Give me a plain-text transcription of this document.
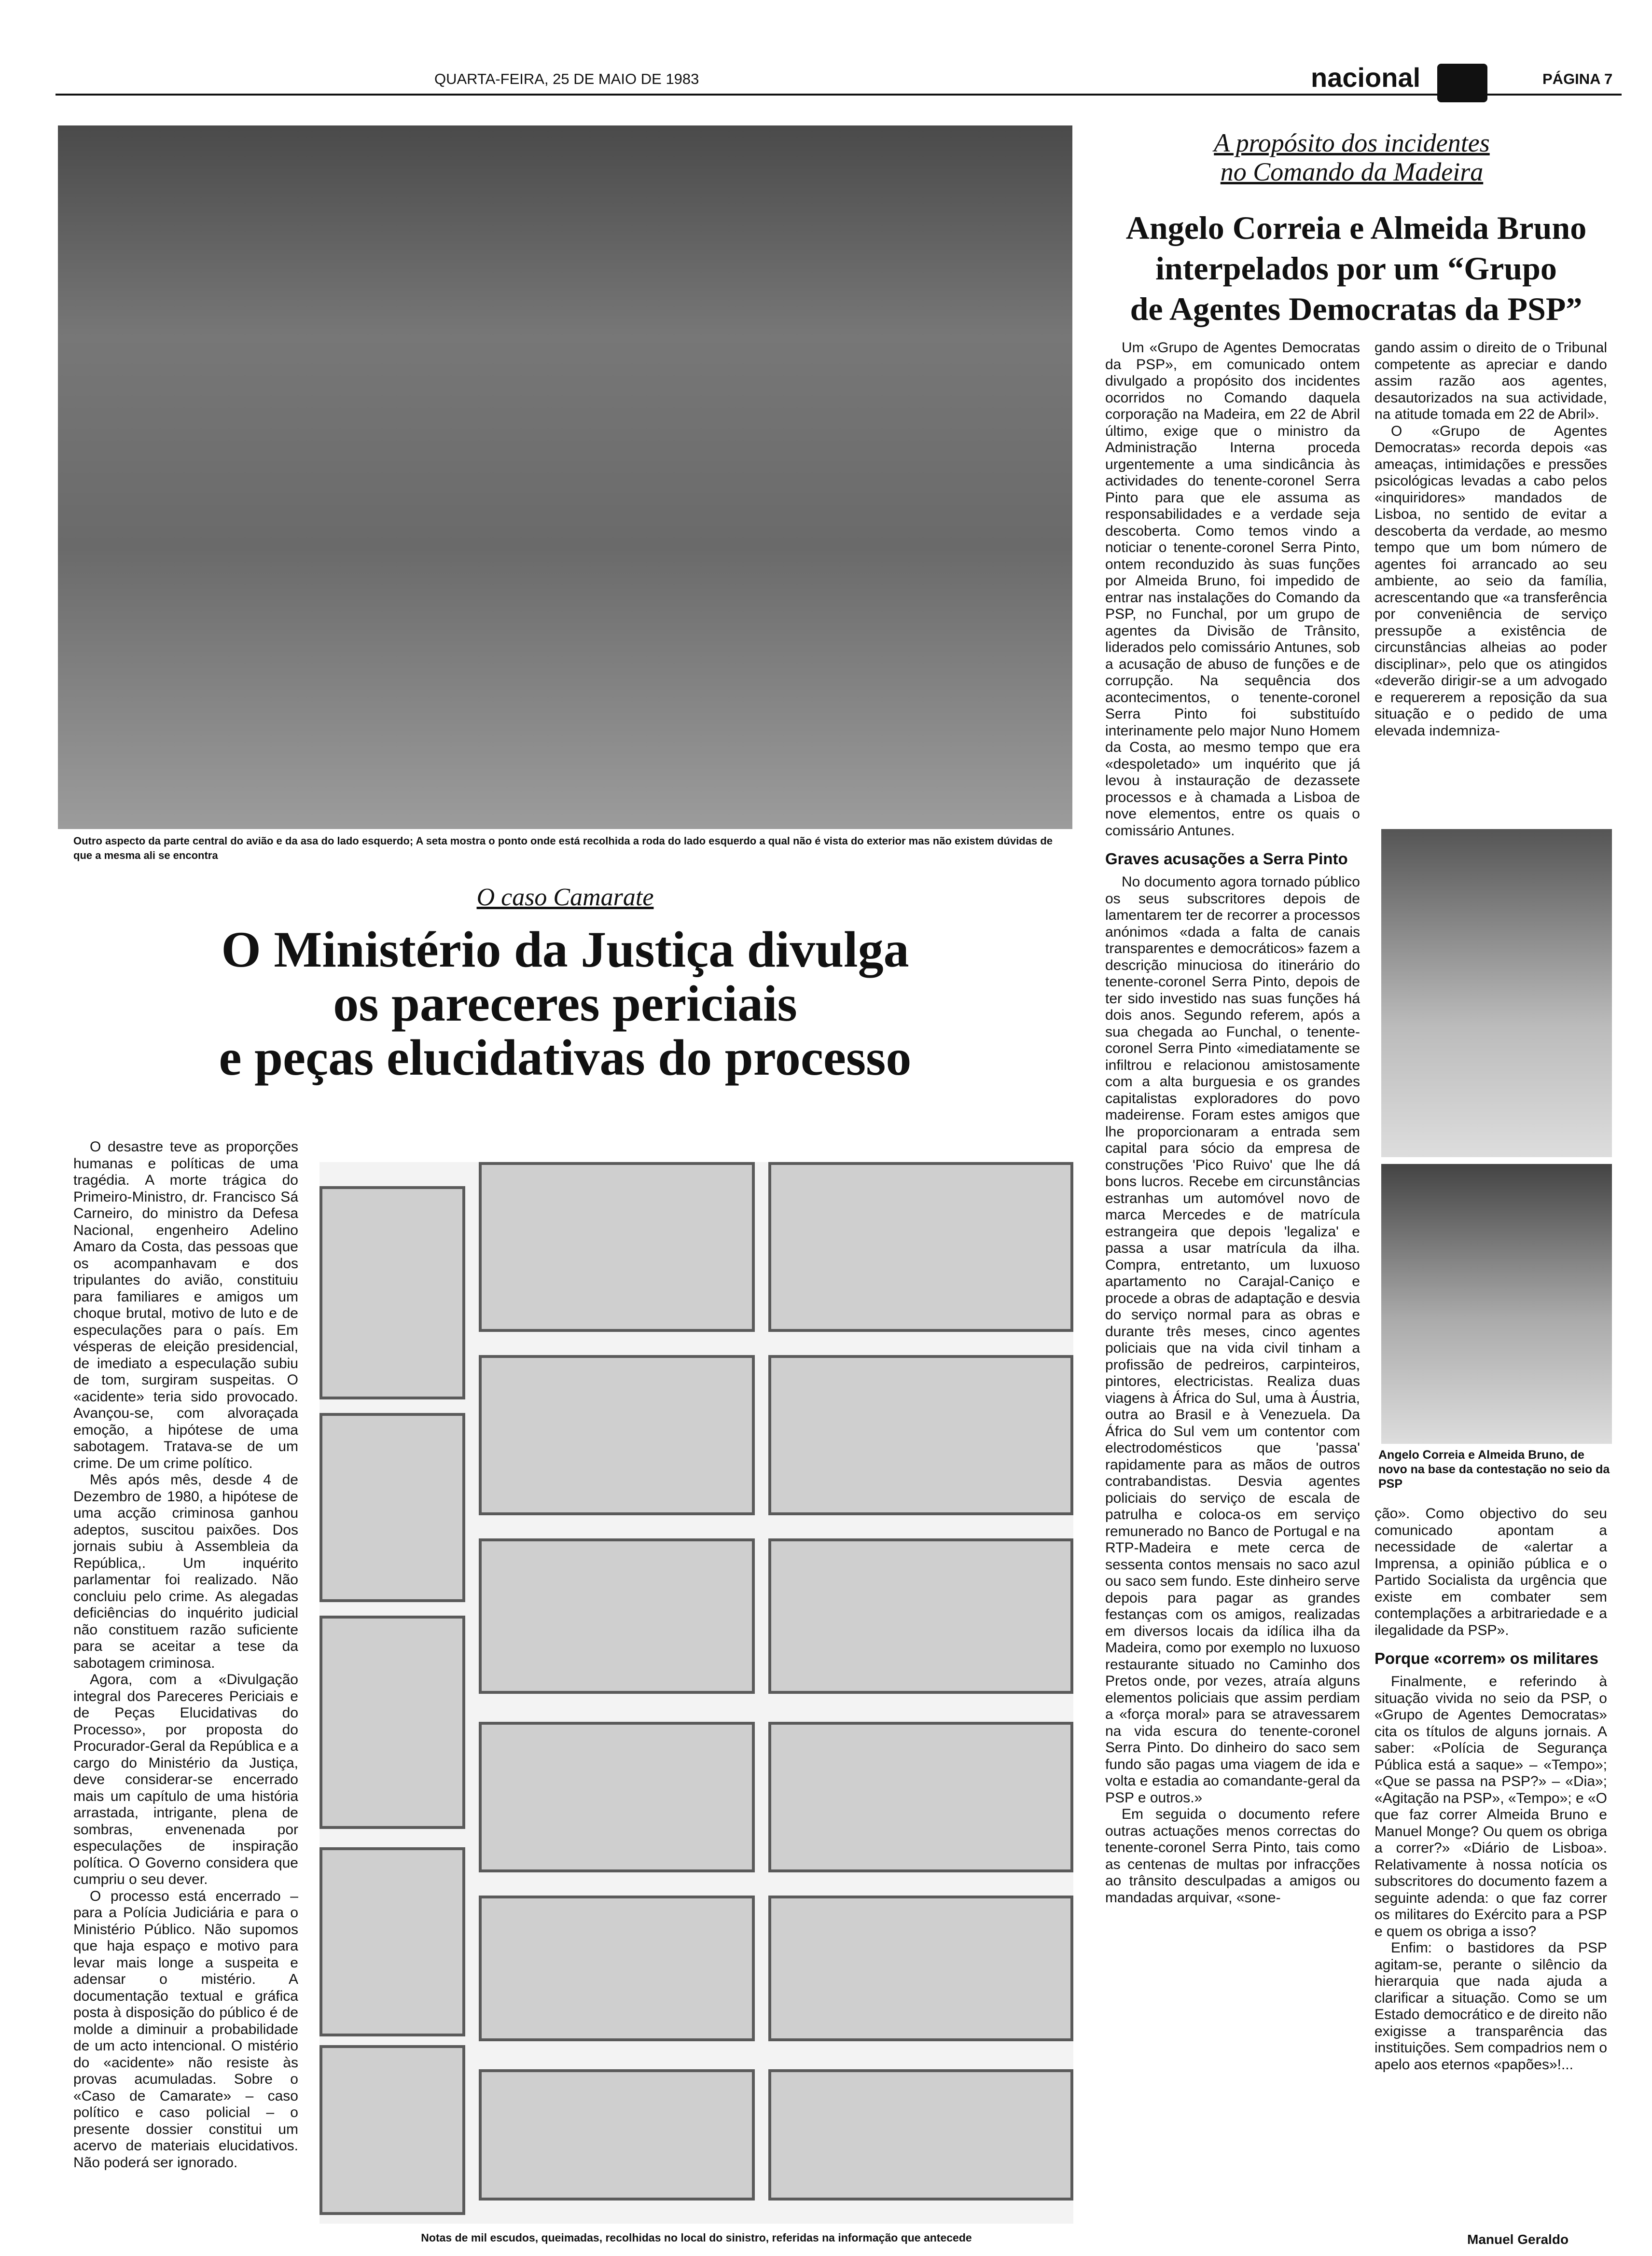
QUARTA-FEIRA, 25 DE MAIO DE 1983	nacional	PÁGINA 7
Outro aspecto da parte central do avião e da asa do lado esquerdo; A seta mostra o ponto onde está recolhida a roda do lado esquerdo a qual não é vista do exterior mas não existem dúvidas de que a mesma ali se encontra
A propósito dos incidentes
no Comando da Madeira
Angelo Correia e Almeida Bruno
interpelados por um “Grupo
de Agentes Democratas da PSP”

Um «Grupo de Agentes Democratas da PSP», em comunicado ontem divulgado a propósito dos incidentes ocorridos no Comando daquela corporação na Madeira, em 22 de Abril último, exige que o ministro da Administração Interna proceda urgentemente a uma sindicância às actividades do tenente-coronel Serra Pinto para que ele assuma as responsabilidades e a verdade seja descoberta. Como temos vindo a noticiar o tenente-coronel Serra Pinto, ontem reconduzido às suas funções por Almeida Bruno, foi impedido de entrar nas instalações do Comando da PSP, no Funchal, por um grupo de agentes da Divisão de Trânsito, liderados pelo comissário Antunes, sob a acusação de abuso de funções e de corrupção. Na sequência dos acontecimentos, o tenente-coronel Serra Pinto foi substituído interinamente pelo major Nuno Homem da Costa, ao mesmo tempo que era «despoletado» um inquérito que já levou à instauração de dezassete processos e à chamada a Lisboa de nove elementos, entre os quais o comissário Antunes.

Graves acusações a Serra Pinto

No documento agora tornado público os seus subscritores depois de lamentarem ter de recorrer a processos anónimos «dada a falta de canais transparentes e democráticos» fazem a descrição minuciosa do itinerário do tenente-coronel Serra Pinto, depois de ter sido investido nas suas funções há dois anos. Segundo referem, após a sua chegada ao Funchal, o tenente-coronel Serra Pinto «imediatamente se infiltrou e relacionou amistosamente com a alta burguesia e os grandes capitalistas exploradores do povo madeirense. Foram estes amigos que lhe proporcionaram a entrada sem capital para sócio da empresa de construções 'Pico Ruivo' que lhe dá bons lucros. Recebe em circunstâncias estranhas um automóvel novo de marca Mercedes e de matrícula estrangeira que depois 'legaliza' e passa a usar matrícula da ilha. Compra, entretanto, um luxuoso apartamento no Carajal-Caniço e procede a obras de adaptação e desvia do serviço normal para as obras e durante três meses, cinco agentes policiais que na vida civil tinham a profissão de pedreiros, carpinteiros, pintores, electricistas. Realiza duas viagens à África do Sul, uma à Áustria, outra ao Brasil e à Venezuela. Da África do Sul vem um contentor com electrodomésticos que 'passa' rapidamente para as mãos de outros contrabandistas. Desvia agentes policiais do serviço de escala de patrulha e coloca-os em serviço remunerado no Banco de Portugal e na RTP-Madeira e mete cerca de sessenta contos mensais no saco azul ou saco sem fundo. Este dinheiro serve depois para pagar as grandes festanças com os amigos, realizadas em diversos locais da idílica ilha da Madeira, como por exemplo no luxuoso restaurante situado no Caminho dos Pretos onde, por vezes, atraía alguns elementos policiais que assim perdiam a «força moral» para se atravessarem na vida escura do tenente-coronel Serra Pinto. Do dinheiro do saco sem fundo são pagas uma viagem de ida e volta e estadia ao comandante-geral da PSP e outros.»

Em seguida o documento refere outras actuações menos correctas do tenente-coronel Serra Pinto, tais como as centenas de multas por infracções ao trânsito desculpadas a amigos ou mandadas arquivar, «sone-

gando assim o direito de o Tribunal competente as apreciar e dando assim razão aos agentes, desautorizados na sua actividade, na atitude tomada em 22 de Abril».

O «Grupo de Agentes Democratas» recorda depois «as ameaças, intimidações e pressões psicológicas levadas a cabo pelos «inquiridores» mandados de Lisboa, no sentido de evitar a descoberta da verdade, ao mesmo tempo que um bom número de agentes foi arrancado ao seu ambiente, ao seio da família, acrescentando que «a transferência por conveniência de serviço pressupõe a existência de circunstâncias alheias ao poder disciplinar», pelo que os atingidos «deverão dirigir-se a um advogado e requererem a reposição da sua situação e o pedido de uma elevada indemniza-

Angelo Correia e Almeida Bruno, de novo na base da contestação no seio da PSP

ção». Como objectivo do seu comunicado apontam a necessidade de «alertar a Imprensa, a opinião pública e o Partido Socialista da urgência que existe em combater sem contemplações a arbitrariedade e a ilegalidade da PSP».

Porque «correm» os militares

Finalmente, e referindo à situação vivida no seio da PSP, o «Grupo de Agentes Democratas» cita os títulos de alguns jornais. A saber: «Polícia de Segurança Pública está a saque» – «Tempo»; «Que se passa na PSP?» – «Dia»; «Agitação na PSP», «Tempo»; e «O que faz correr Almeida Bruno e Manuel Monge? Ou quem os obriga a correr?» «Diário de Lisboa». Relativamente à nossa notícia os subscritores do documento fazem a seguinte adenda: o que faz correr os militares do Exército para a PSP e quem os obriga a isso?

Enfim: o bastidores da PSP agitam-se, perante o silêncio da hierarquia que nada ajuda a clarificar a situação. Como se um Estado democrático e de direito não exigisse a transparência das instituições. Sem compadrios nem o apelo aos eternos «papões»!...

Manuel Geraldo
O caso Camarate
O Ministério da Justiça divulga
os pareceres periciais
e peças elucidativas do processo

O desastre teve as proporções humanas e políticas de uma tragédia. A morte trágica do Primeiro-Ministro, dr. Francisco Sá Carneiro, do ministro da Defesa Nacional, engenheiro Adelino Amaro da Costa, das pessoas que os acompanhavam e dos tripulantes do avião, constituiu para familiares e amigos um choque brutal, motivo de luto e de especulações para o país. Em vésperas de eleição presidencial, de imediato a especulação subiu de tom, surgiram suspeitas. O «acidente» teria sido provocado. Avançou-se, com alvoraçada emoção, a hipótese de uma sabotagem. Tratava-se de um crime. De um crime político.

Mês após mês, desde 4 de Dezembro de 1980, a hipótese de uma acção criminosa ganhou adeptos, suscitou paixões. Dos jornais subiu à Assembleia da República,. Um inquérito parlamentar foi realizado. Não concluiu pelo crime. As alegadas deficiências do inquérito judicial não constituem razão suficiente para se aceitar a tese da sabotagem criminosa.

Agora, com a «Divulgação integral dos Pareceres Periciais e de Peças Elucidativas do Processo», por proposta do Procurador-Geral da República e a cargo do Ministério da Justiça, deve considerar-se encerrado mais um capítulo de uma história arrastada, intrigante, plena de sombras, envenenada por especulações de inspiração política. O Governo considera que cumpriu o seu dever.

O processo está encerrado – para a Polícia Judiciária e para o Ministério Público. Não supomos que haja espaço e motivo para levar mais longe a suspeita e adensar o mistério. A documentação textual e gráfica posta à disposição do público é de molde a diminuir a probabilidade de um acto intencional. O mistério do «acidente» não resiste às provas acumuladas. Sobre o «Caso de Camarate» – caso político e caso policial – o presente dossier constitui um acervo de materiais elucidativos. Não poderá ser ignorado.

Notas de mil escudos, queimadas, recolhidas no local do sinistro, referidas na informação que antecede
